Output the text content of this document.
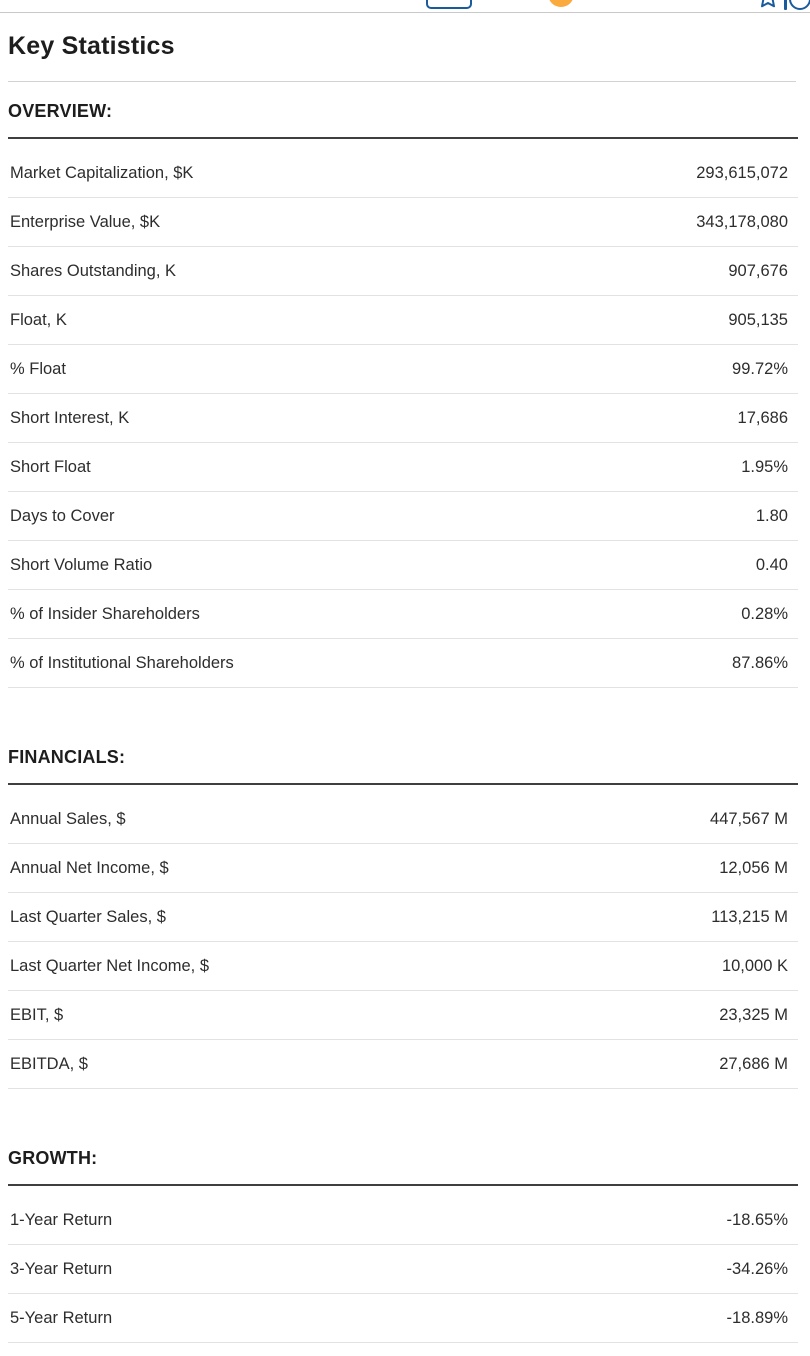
Key Statistics
OVERVIEW:
Market Capitalization, $K	293,615,072
Enterprise Value, $K	343,178,080
Shares Outstanding, K	907,676
Float, K	905,135
% Float	99.72%
Short Interest, K	17,686
Short Float	1.95%
Days to Cover	1.80
Short Volume Ratio	0.40
% of Insider Shareholders	0.28%
% of Institutional Shareholders	87.86%
FINANCIALS:
Annual Sales, $	447,567 M
Annual Net Income, $	12,056 M
Last Quarter Sales, $	113,215 M
Last Quarter Net Income, $	10,000 K
EBIT, $	23,325 M
EBITDA, $	27,686 M
GROWTH:
1-Year Return	-18.65%
3-Year Return	-34.26%
5-Year Return	-18.89%
